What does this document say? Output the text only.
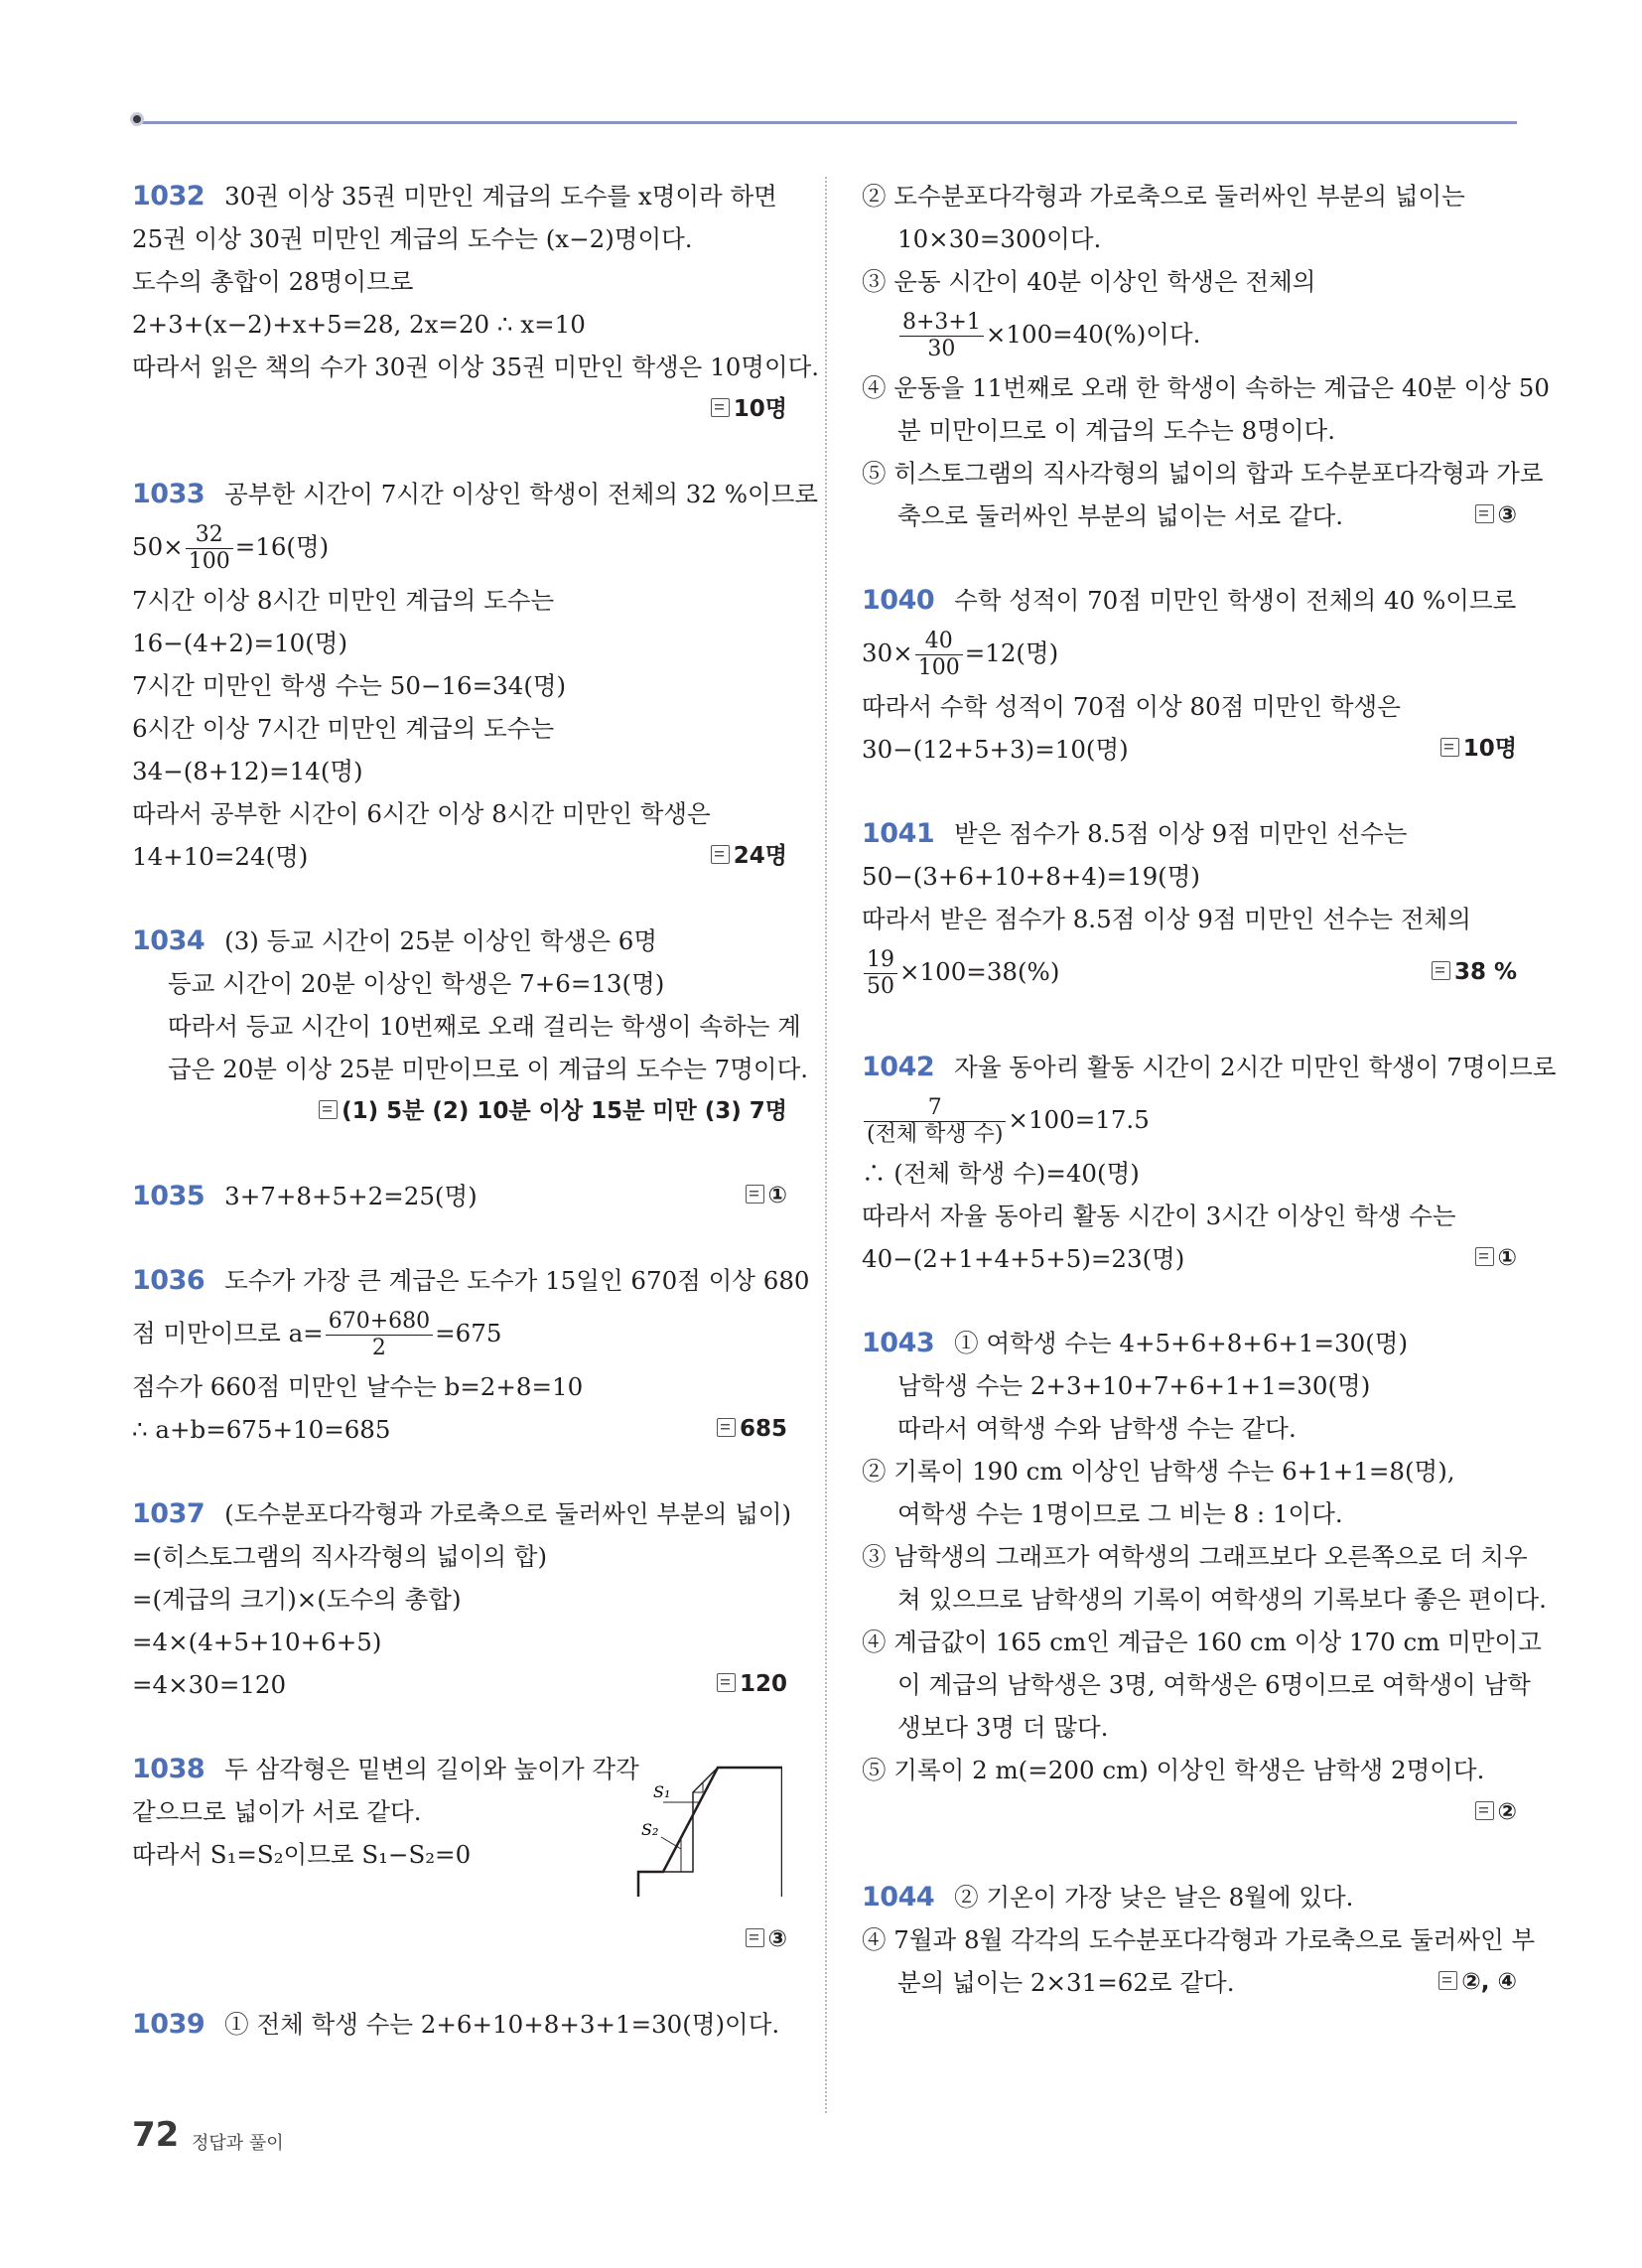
1032 30권 이상 35권 미만인 계급의 도수를 x명이라 하면
25권 이상 30권 미만인 계급의 도수는 (x−2)명이다.
도수의 총합이 28명이므로
2+3+(x−2)+x+5=28, 2x=20 ∴ x=10
따라서 읽은 책의 수가 30권 이상 35권 미만인 학생은 10명이다.
10명

1033 공부한 시간이 7시간 이상인 학생이 전체의 32 %이므로
$50\times \frac{32}{100} =16$(명)
7시간 이상 8시간 미만인 계급의 도수는
16−(4+2)=10(명)
7시간 미만인 학생 수는 50−16=34(명)
6시간 이상 7시간 미만인 계급의 도수는
34−(8+12)=14(명)
따라서 공부한 시간이 6시간 이상 8시간 미만인 학생은
14+10=24(명)	24명
1034 (3) 등교 시간이 25분 이상인 학생은 6명
등교 시간이 20분 이상인 학생은 7+6=13(명)
따라서 등교 시간이 10번째로 오래 걸리는 학생이 속하는 계
급은 20분 이상 25분 미만이므로 이 계급의 도수는 7명이다.
(1) 5분 (2) 10분 이상 15분 미만 (3) 7명

1035 3+7+8+5+2=25(명)	①
1036 도수가 가장 큰 계급은 도수가 15일인 670점 이상 680
점 미만이므로 $a= \frac{670+680}{2} =675$
점수가 660점 미만인 날수는 b=2+8=10
∴ a+b=675+10=685	685
1037 (도수분포다각형과 가로축으로 둘러싸인 부분의 넓이)
=(히스토그램의 직사각형의 넓이의 합)
=(계급의 크기)×(도수의 총합)
=4×(4+5+10+6+5)
=4×30=120	120
1038 두 삼각형은 밑변의 길이와 높이가 각각
같으므로 넓이가 서로 같다.
따라서 S₁=S₂이므로 S₁−S₂=0
S₁
S₂

③

1039 ① 전체 학생 수는 2+6+10+8+3+1=30(명)이다.
② 도수분포다각형과 가로축으로 둘러싸인 부분의 넓이는
10×30=300이다.
③ 운동 시간이 40분 이상인 학생은 전체의
$\frac{8+3+1}{30} \times 100=40(\%)$이다.
④ 운동을 11번째로 오래 한 학생이 속하는 계급은 40분 이상 50
분 미만이므로 이 계급의 도수는 8명이다.
⑤ 히스토그램의 직사각형의 넓이의 합과 도수분포다각형과 가로
축으로 둘러싸인 부분의 넓이는 서로 같다.	③
1040 수학 성적이 70점 미만인 학생이 전체의 40 %이므로
$30\times \frac{40}{100} =12$(명)
따라서 수학 성적이 70점 이상 80점 미만인 학생은
30−(12+5+3)=10(명)	10명
1041 받은 점수가 8.5점 이상 9점 미만인 선수는
50−(3+6+10+8+4)=19(명)
따라서 받은 점수가 8.5점 이상 9점 미만인 선수는 전체의
$\frac{19}{50} \times 100=38(\%)$	38 %
1042 자율 동아리 활동 시간이 2시간 미만인 학생이 7명이므로
$\frac{7}{\text{(전체 학생 수)}} \times 100=17.5$
∴ (전체 학생 수)=40(명)
따라서 자율 동아리 활동 시간이 3시간 이상인 학생 수는
40−(2+1+4+5+5)=23(명)	①
1043 ① 여학생 수는 4+5+6+8+6+1=30(명)
남학생 수는 2+3+10+7+6+1+1=30(명)
따라서 여학생 수와 남학생 수는 같다.
② 기록이 190 cm 이상인 남학생 수는 6+1+1=8(명),
여학생 수는 1명이므로 그 비는 8 : 1이다.
③ 남학생의 그래프가 여학생의 그래프보다 오른쪽으로 더 치우
쳐 있으므로 남학생의 기록이 여학생의 기록보다 좋은 편이다.
④ 계급값이 165 cm인 계급은 160 cm 이상 170 cm 미만이고
이 계급의 남학생은 3명, 여학생은 6명이므로 여학생이 남학
생보다 3명 더 많다.
⑤ 기록이 2 m(=200 cm) 이상인 학생은 남학생 2명이다.
②

1044 ② 기온이 가장 낮은 날은 8월에 있다.
④ 7월과 8월 각각의 도수분포다각형과 가로축으로 둘러싸인 부
분의 넓이는 2×31=62로 같다.	②, ④
72 정답과 풀이
